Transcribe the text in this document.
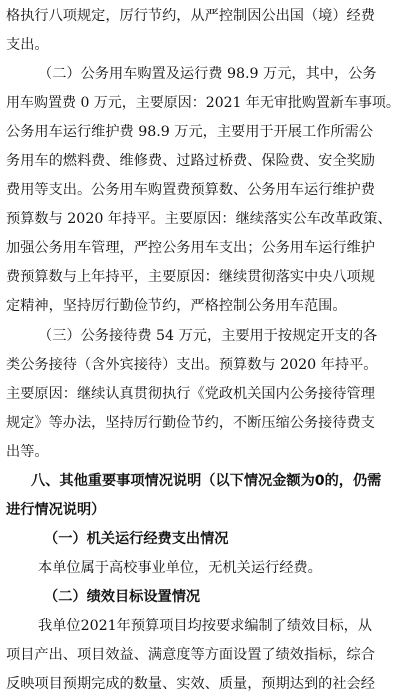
格执行八项规定，厉行节约，从严控制因公出国（境）经费
支出。
（二）公务用车购置及运行费 98.9 万元，其中，公务
用车购置费 0 万元，主要原因：2021 年无审批购置新车事项。
公务用车运行维护费 98.9 万元，主要用于开展工作所需公
务用车的燃料费、维修费、过路过桥费、保险费、安全奖励
费用等支出。公务用车购置费预算数、公务用车运行维护费
预算数与 2020 年持平。主要原因：继续落实公车改革政策、
加强公务用车管理，严控公务用车支出；公务用车运行维护
费预算数与上年持平，主要原因：继续贯彻落实中央八项规
定精神，坚持厉行勤俭节约，严格控制公务用车范围。
（三）公务接待费 54 万元，主要用于按规定开支的各
类公务接待（含外宾接待）支出。预算数与 2020 年持平。
主要原因：继续认真贯彻执行《党政机关国内公务接待管理
规定》等办法，坚持厉行勤俭节约，不断压缩公务接待费支
出等。
八、其他重要事项情况说明（以下情况金额为0的，仍需
进行情况说明）
（一）机关运行经费支出情况
本单位属于高校事业单位，无机关运行经费。
（二）绩效目标设置情况
我单位2021年预算项目均按要求编制了绩效目标，从
项目产出、项目效益、满意度等方面设置了绩效指标，综合
反映项目预期完成的数量、实效、质量，预期达到的社会经
